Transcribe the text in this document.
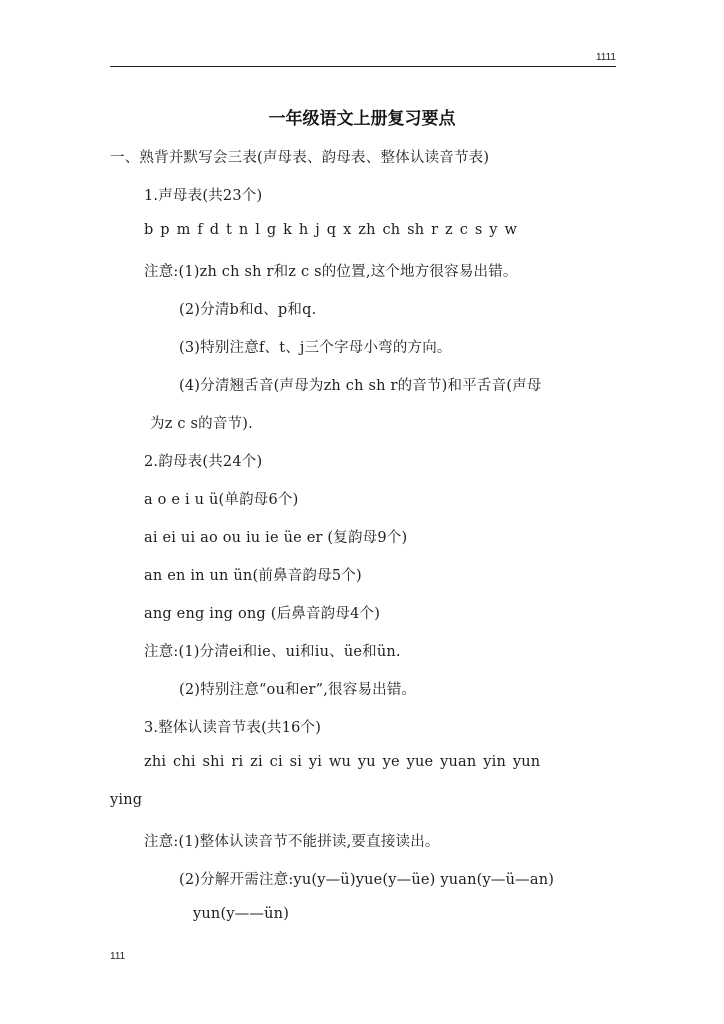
1111
一年级语文上册复习要点
一、熟背并默写会三表(声母表、韵母表、整体认读音节表)
1.声母表(共23个)
b p m f d t n l g k h j q x zh ch sh r z c s y w
注意:(1)zh ch sh r和z c s的位置,这个地方很容易出错。
(2)分清b和d、p和q.
(3)特别注意f、t、j三个字母小弯的方向。
(4)分清翘舌音(声母为zh ch sh r的音节)和平舌音(声母
为z c s的音节).
2.韵母表(共24个)
a o e i u ü(单韵母6个)
ai ei ui ao ou iu ie üe er (复韵母9个)
an en in un ün(前鼻音韵母5个)
ang eng ing ong (后鼻音韵母4个)
注意:(1)分清ei和ie、ui和iu、üe和ün.
(2)特别注意“ou和er”,很容易出错。
3.整体认读音节表(共16个)
zhi chi shi ri zi ci si yi wu yu ye yue yuan yin yun
ying
注意:(1)整体认读音节不能拼读,要直接读出。
(2)分解开需注意:yu(y—ü)yue(y—üe) yuan(y—ü—an)
yun(y——ün)
111
